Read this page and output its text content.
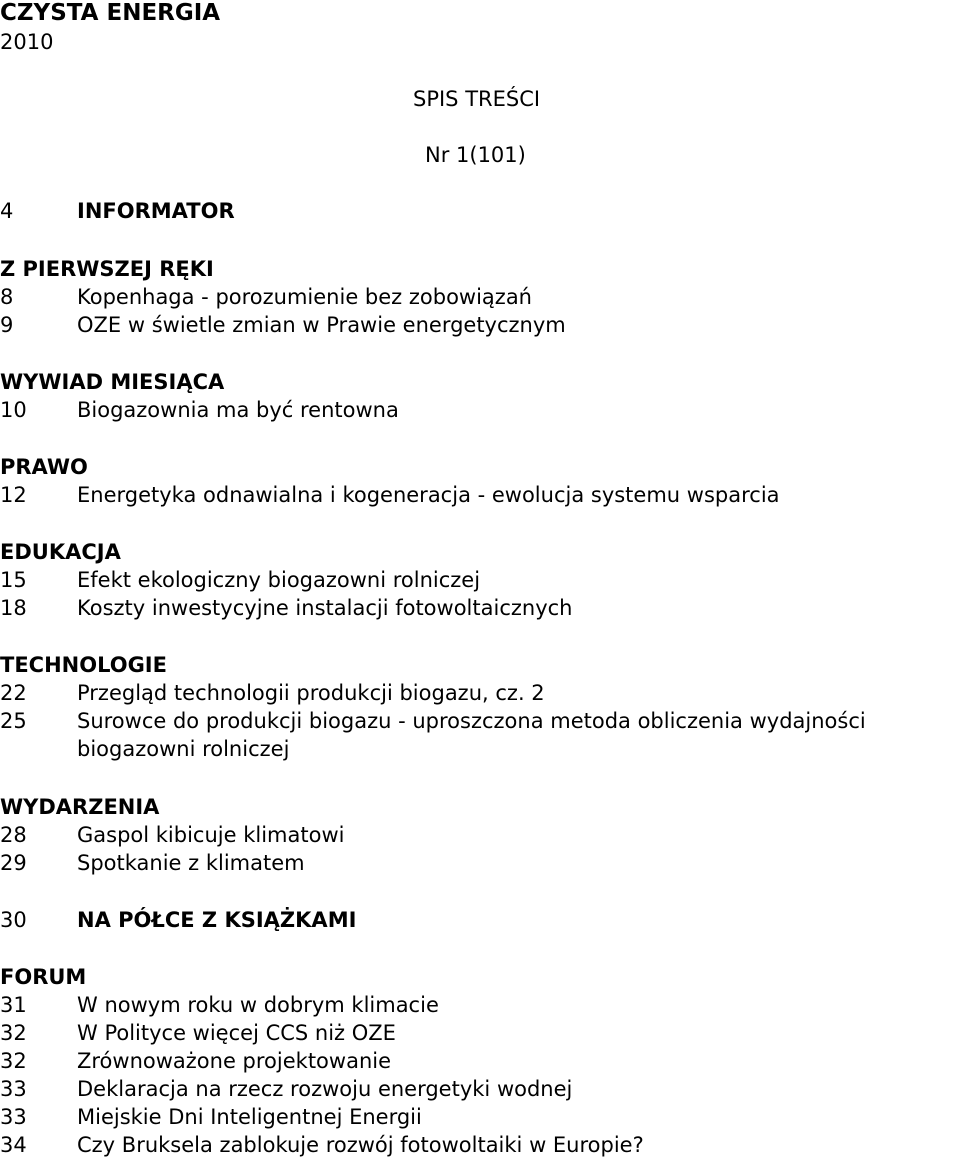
CZYSTA ENERGIA
2010
SPIS TREŚCI
Nr 1(101)
4	INFORMATOR
Z PIERWSZEJ RĘKI
8	Kopenhaga - porozumienie bez zobowiązań
9	OZE w świetle zmian w Prawie energetycznym
WYWIAD MIESIĄCA
10 Biogazownia ma być rentowna
PRAWO
12 Energetyka odnawialna i kogeneracja - ewolucja systemu wsparcia
EDUKACJA
15 Efekt ekologiczny biogazowni rolniczej
18 Koszty inwestycyjne instalacji fotowoltaicznych
TECHNOLOGIE
22 Przegląd technologii produkcji biogazu, cz. 2
25 Surowce do produkcji biogazu - uproszczona metoda obliczenia wydajności
biogazowni rolniczej
WYDARZENIA
28 Gaspol kibicuje klimatowi
29 Spotkanie z klimatem
30 NA PÓŁCE Z KSIĄŻKAMI
FORUM
31 W nowym roku w dobrym klimacie
32 W Polityce więcej CCS niż OZE
32 Zrównoważone projektowanie
33 Deklaracja na rzecz rozwoju energetyki wodnej
33 Miejskie Dni Inteligentnej Energii
34 Czy Bruksela zablokuje rozwój fotowoltaiki w Europie?
